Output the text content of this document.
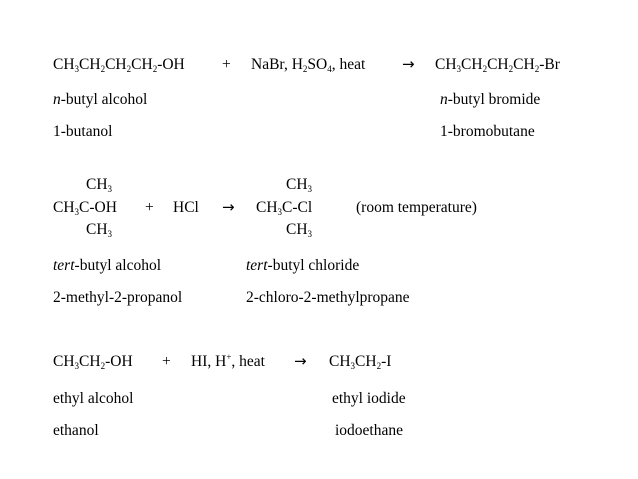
$CH_3CH_2CH_2CH_2-OH$ + NaBr, $H_2SO_4$, heat → $CH_3CH_2CH_2CH_2-Br$
n-butyl alcohol	n-butyl bromide
1-butanol	1-bromobutane
$CH_3$
$CH_3C-OH$
$CH_3$
+ HCl →
$CH_3$
$CH_3C-Cl$
$CH_3$
(room temperature)
tert-butyl alcohol	tert-butyl chloride
2-methyl-2-propanol	2-chloro-2-methylpropane
$CH_3CH_2-OH$ + HI, H+, heat → $CH_3CH_2-I$
ethyl alcohol	ethyl iodide
ethanol	iodoethane
